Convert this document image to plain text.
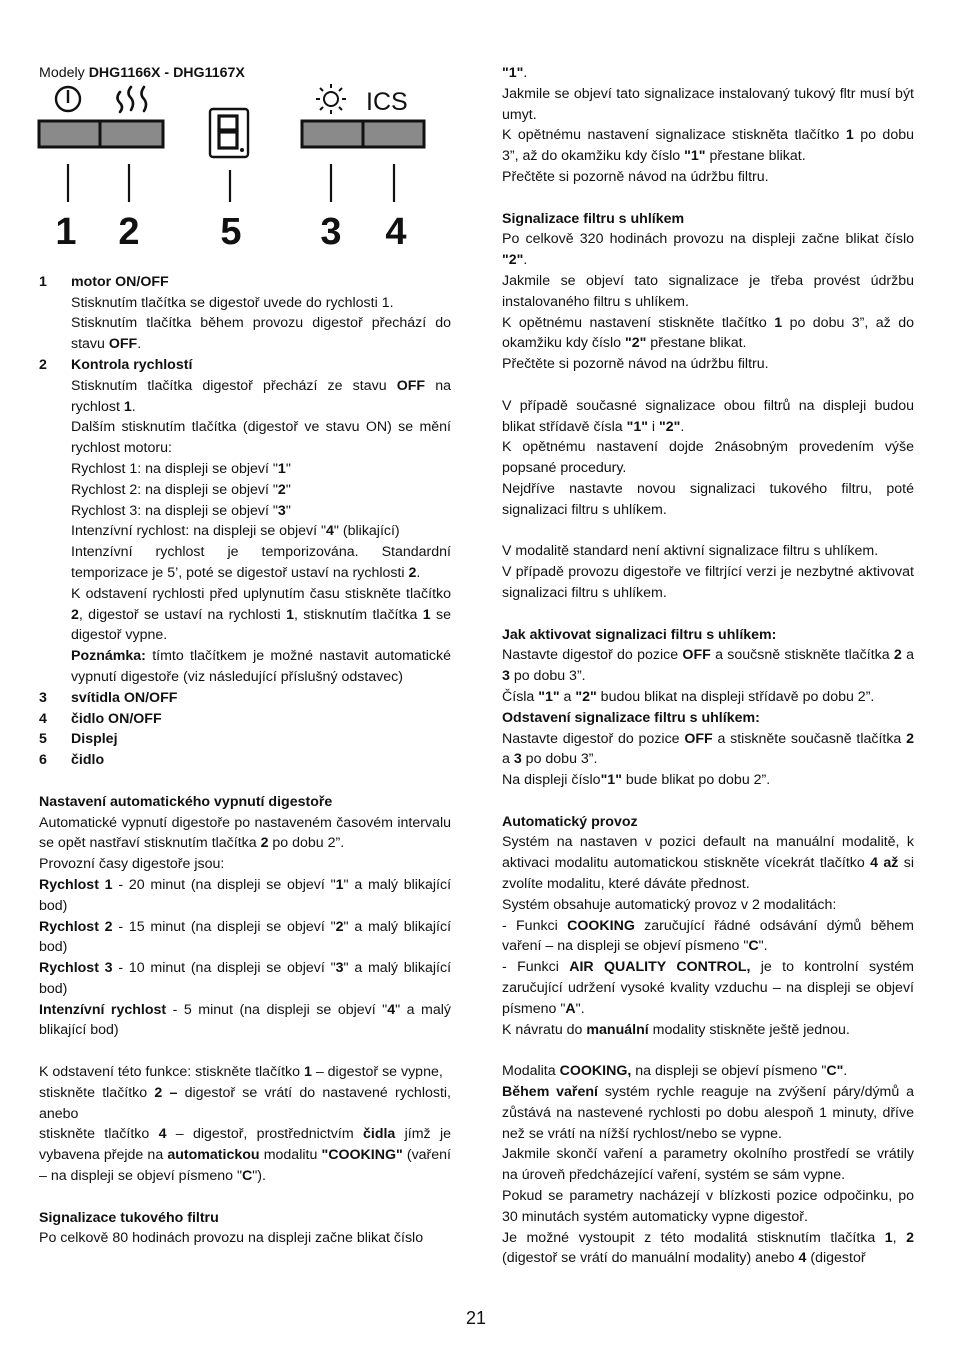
ICS
1 2 5 3 4

Modely DHG1166X - DHG1167X

1	motor ON/OFF

Stisknutím tlačítka se digestoř uvede do rychlosti 1.

Stisknutím tlačítka během provozu digestoř přechází do stavu OFF.

2	Kontrola rychlostí

Stisknutím tlačítka digestoř přechází ze stavu OFF na rychlost 1.

Dalším stisknutím tlačítka (digestoř ve stavu ON) se mění rychlost motoru:

Rychlost 1: na displeji se objeví "1"

Rychlost 2: na displeji se objeví "2"

Rychlost 3: na displeji se objeví "3"

Intenzívní rychlost: na displeji se objeví "4" (blikající)

Intenzívní rychlost je temporizována. Standardní temporizace je 5’, poté se digestoř ustaví na rychlosti 2.

K odstavení rychlosti před uplynutím času stiskněte tlačítko 2, digestoř se ustaví na rychlosti 1, stisknutím tlačítka 1 se digestoř vypne.

Poznámka: tímto tlačítkem je možné nastavit automatické vypnutí digestoře (viz následující příslušný odstavec)

3	svítidla ON/OFF
4	čidlo ON/OFF
5	Displej
6	čidlo

Nastavení automatického vypnutí digestoře

Automatické vypnutí digestoře po nastaveném časovém intervalu se opět nastřaví stisknutím tlačítka 2 po dobu 2”.

Provozní časy digestoře jsou:

Rychlost 1 - 20 minut (na displeji se objeví "1" a malý blikající bod)

Rychlost 2 - 15 minut (na displeji se objeví "2" a malý blikající bod)

Rychlost 3 - 10 minut (na displeji se objeví "3" a malý blikající bod)

Intenzívní rychlost - 5 minut (na displeji se objeví "4" a malý blikající bod)

K odstavení této funkce: stiskněte tlačítko 1 – digestoř se vypne,

stiskněte tlačítko 2 – digestoř se vrátí do nastavené rychlosti, anebo

stiskněte tlačítko 4 – digestoř, prostřednictvím čidla jímž je vybavena přejde na automatickou modalitu "COOKING" (vaření – na displeji se objeví písmeno "C").

Signalizace tukového filtru

Po celkově 80 hodinách provozu na displeji začne blikat číslo

"1".

Jakmile se objeví tato signalizace instalovaný tukový fltr musí být umyt.

K opětnému nastavení signalizace stiskněta tlačítko 1 po dobu 3”, až do okamžiku kdy číslo "1" přestane blikat.

Přečtěte si pozorně návod na údržbu filtru.

Signalizace filtru s uhlíkem

Po celkově 320 hodinách provozu na displeji začne blikat číslo "2".

Jakmile se objeví tato signalizace je třeba provést údržbu instalovaného filtru s uhlíkem.

K opětnému nastavení stiskněte tlačítko 1 po dobu 3”, až do okamžiku kdy číslo "2" přestane blikat.

Přečtěte si pozorně návod na údržbu filtru.

V případě současné signalizace obou filtrů na displeji budou blikat střídavě čísla "1" i "2".

K opětnému nastavení dojde 2násobným provedením výše popsané procedury.

Nejdříve nastavte novou signalizaci tukového filtru, poté signalizaci filtru s uhlíkem.

V modalitě standard není aktivní signalizace filtru s uhlíkem.

V případě provozu digestoře ve filtrjící verzi je nezbytné aktivovat signalizaci filtru s uhlíkem.

Jak aktivovat signalizaci filtru s uhlíkem:

Nastavte digestoř do pozice OFF a součsně stiskněte tlačítka 2 a 3 po dobu 3”.

Čísla "1" a "2" budou blikat na displeji střídavě po dobu 2”.

Odstavení signalizace filtru s uhlíkem:

Nastavte digestoř do pozice OFF a stiskněte současně tlačítka 2 a 3 po dobu 3”.

Na displeji číslo"1" bude blikat po dobu 2”.

Automatický provoz

Systém na nastaven v pozici default na manuální modalitě, k aktivaci modalitu automatickou stiskněte vícekrát tlačítko 4 až si zvolíte modalitu, které dáváte přednost.

Systém obsahuje automatický provoz v 2 modalitách:

- Funkci COOKING zaručující řádné odsávání dýmů během vaření – na displeji se objeví písmeno "C".

- Funkci AIR QUALITY CONTROL, je to kontrolní systém zaručující udržení vysoké kvality vzduchu – na displeji se objeví písmeno "A".

K návratu do manuální modality stiskněte ještě jednou.

Modalita COOKING, na displeji se objeví písmeno "C".

Během vaření systém rychle reaguje na zvýšení páry/dýmů a zůstává na nastevené rychlosti po dobu alespoň 1 minuty, dříve než se vrátí na nížší rychlost/nebo se vypne.

Jakmile skončí vaření a parametry okolního prostředí se vrátily na úroveň předcházející vaření, systém se sám vypne.

Pokud se parametry nacházejí v blízkosti pozice odpočinku, po 30 minutách systém automaticky vypne digestoř.

Je možné vystoupit z této modalitá stisknutím tlačítka 1, 2 (digestoř se vrátí do manuální modality) anebo 4 (digestoř

21
